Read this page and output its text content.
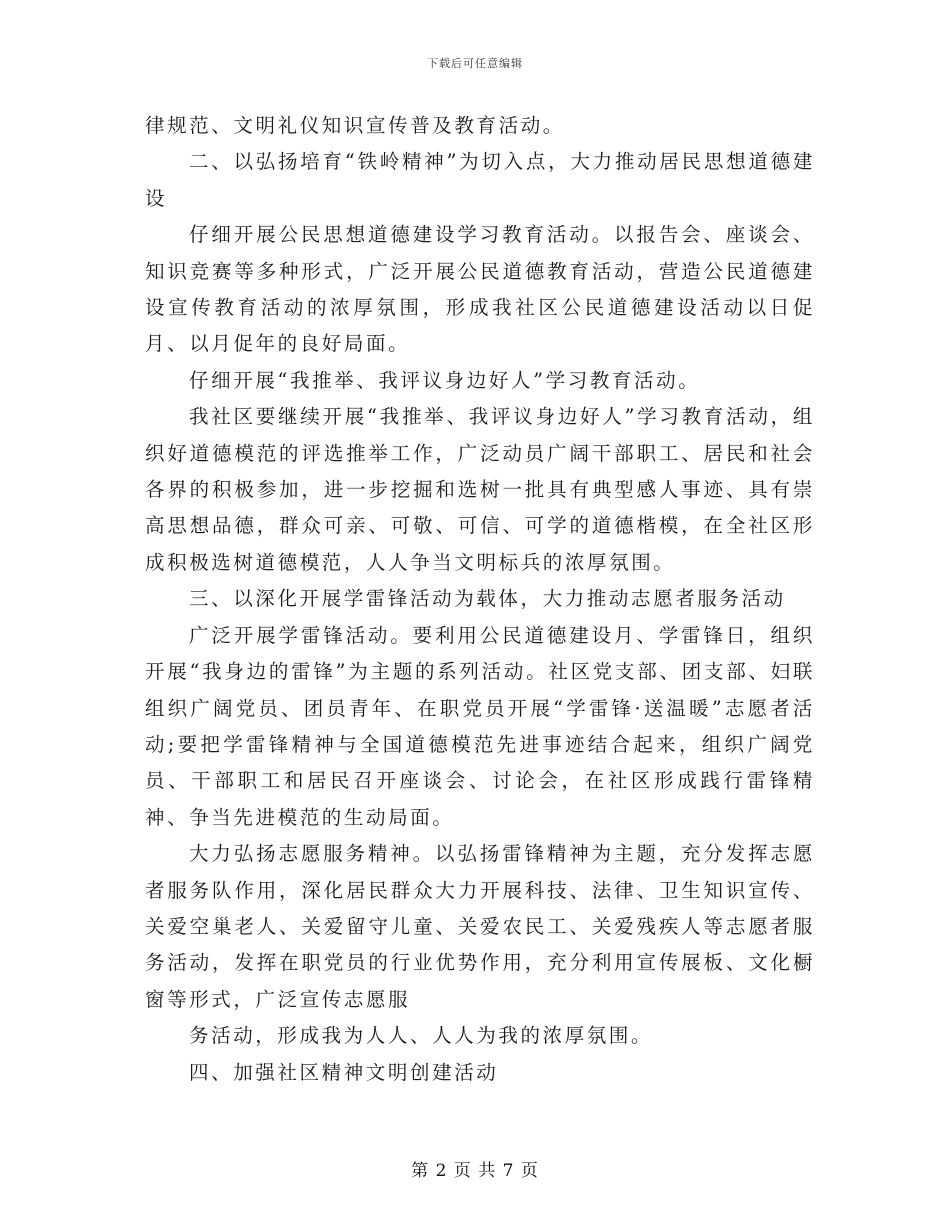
下载后可任意编辑

律规范、文明礼仪知识宣传普及教育活动。

二、以弘扬培育“铁岭精神”为切入点，大力推动居民思想道德建设

仔细开展公民思想道德建设学习教育活动。以报告会、座谈会、知识竞赛等多种形式，广泛开展公民道德教育活动，营造公民道德建设宣传教育活动的浓厚氛围，形成我社区公民道德建设活动以日促月、以月促年的良好局面。

仔细开展“我推举、我评议身边好人”学习教育活动。

我社区要继续开展“我推举、我评议身边好人”学习教育活动，组织好道德模范的评选推举工作，广泛动员广阔干部职工、居民和社会各界的积极参加，进一步挖掘和选树一批具有典型感人事迹、具有崇高思想品德，群众可亲、可敬、可信、可学的道德楷模，在全社区形成积极选树道德模范，人人争当文明标兵的浓厚氛围。

三、以深化开展学雷锋活动为载体，大力推动志愿者服务活动

广泛开展学雷锋活动。要利用公民道德建设月、学雷锋日，组织开展“我身边的雷锋”为主题的系列活动。社区党支部、团支部、妇联组织广阔党员、团员青年、在职党员开展“学雷锋·送温暖”志愿者活动;要把学雷锋精神与全国道德模范先进事迹结合起来，组织广阔党员、干部职工和居民召开座谈会、讨论会，在社区形成践行雷锋精神、争当先进模范的生动局面。

大力弘扬志愿服务精神。以弘扬雷锋精神为主题，充分发挥志愿者服务队作用，深化居民群众大力开展科技、法律、卫生知识宣传、关爱空巢老人、关爱留守儿童、关爱农民工、关爱残疾人等志愿者服务活动，发挥在职党员的行业优势作用，充分利用宣传展板、文化橱窗等形式，广泛宣传志愿服

务活动，形成我为人人、人人为我的浓厚氛围。

四、加强社区精神文明创建活动

第 2 页 共 7 页
